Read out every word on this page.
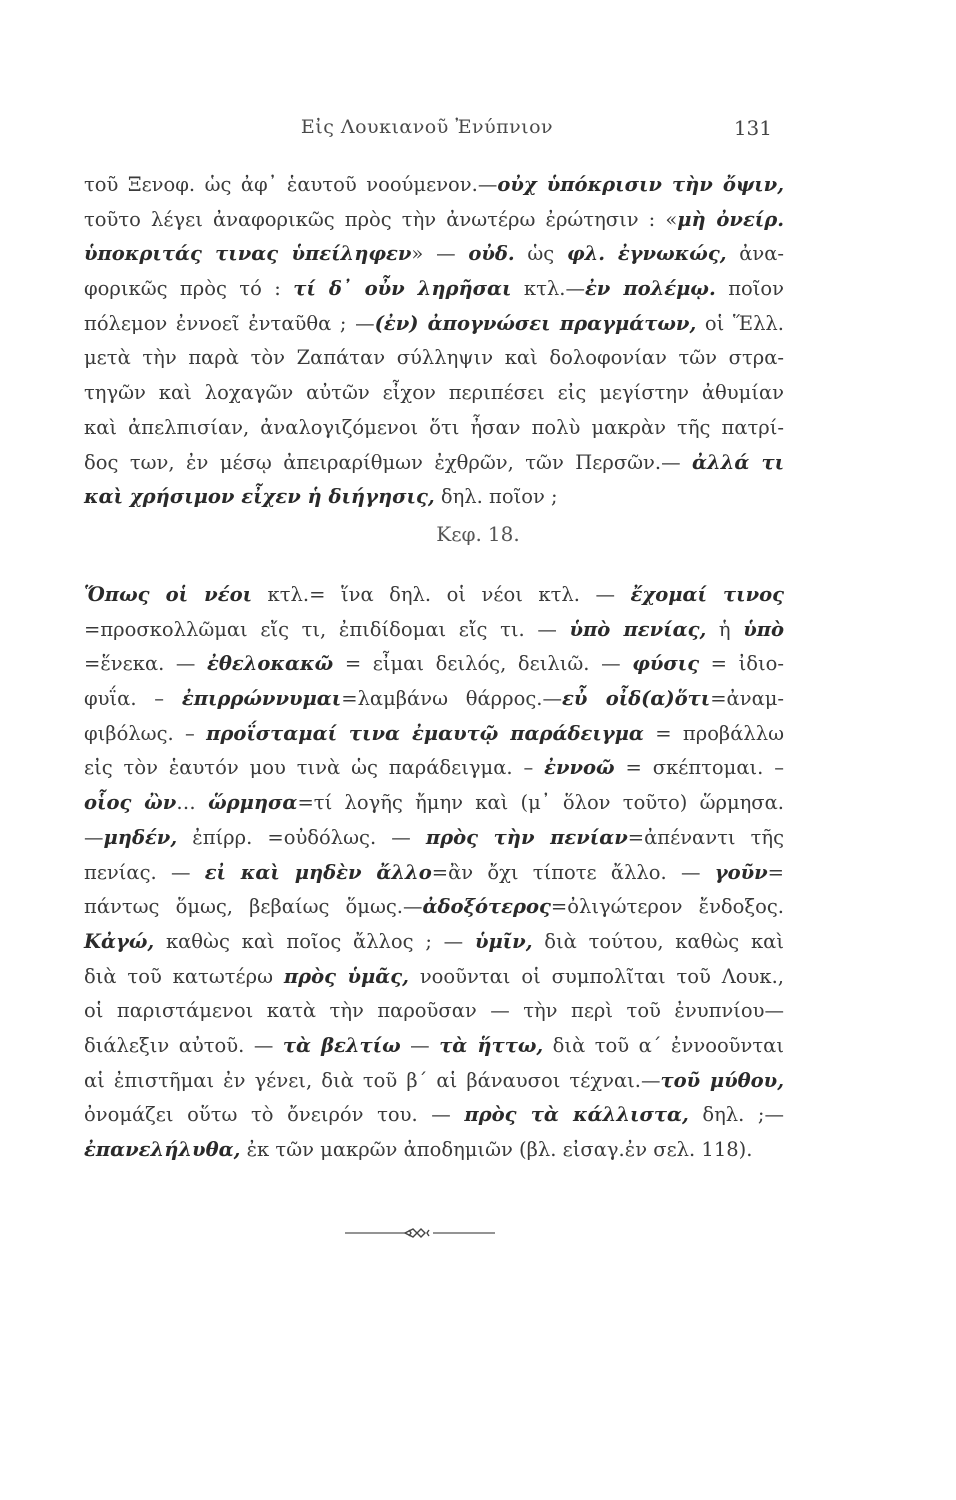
Εἰς Λουκιανοῦ Ἐνύπνιον	131
τοῦ Ξενοφ. ὡς ἀφ᾽ ἑαυτοῦ νοούμενον.—οὐχ ὑπόκρισιν τὴν ὄψιν,
τοῦτο λέγει ἀναφορικῶς πρὸς τὴν ἀνωτέρω ἐρώτησιν : «μὴ ὀνείρ.
ὑποκριτάς τινας ὑπείληφεν» — οὐδ. ὡς φλ. ἐγνωκώς, ἀνα-
φορικῶς πρὸς τό : τί δ᾽ οὖν ληρῆσαι κτλ.—ἐν πολέμῳ. ποῖον
πόλεμον ἐννοεῖ ἐνταῦθα ; —(ἐν) ἀπογνώσει πραγμάτων, οἱ Ἕλλ.
μετὰ τὴν παρὰ τὸν Ζαπάταν σύλληψιν καὶ δολοφονίαν τῶν στρα-
τηγῶν καὶ λοχαγῶν αὐτῶν εἶχον περιπέσει εἰς μεγίστην ἀθυμίαν
καὶ ἀπελπισίαν, ἀναλογιζόμενοι ὅτι ἦσαν πολὺ μακρὰν τῆς πατρί-
δος των, ἐν μέσῳ ἀπειραρίθμων ἐχθρῶν, τῶν Περσῶν.— ἀλλά τι
καὶ χρήσιμον εἶχεν ἡ διήγησις, δηλ. ποῖον ;
Κεφ. 18.
Ὅπως οἱ νέοι κτλ.= ἵνα δηλ. οἱ νέοι κτλ. — ἔχομαί τινος
=προσκολλῶμαι εἴς τι, ἐπιδίδομαι εἴς τι. — ὑπὸ πενίας, ἡ ὑπὸ
=ἕνεκα. — ἐθελοκακῶ = εἶμαι δειλός, δειλιῶ. — φύσις = ἰδιο-
φυΐα. – ἐπιρρώννυμαι=λαμβάνω θάρρος.—εὖ οἶδ(α)ὅτι=ἀναμ-
φιβόλως. – προΐσταμαί τινα ἐμαυτῷ παράδειγμα = προβάλλω
εἰς τὸν ἑαυτόν μου τινὰ ὡς παράδειγμα. – ἐννοῶ = σκέπτομαι. –
οἷος ὢν… ὥρμησα=τί λογῆς ἤμην καὶ (μ᾽ ὅλον τοῦτο) ὥρμησα.
—μηδέν, ἐπίρρ. =οὐδόλως. — πρὸς τὴν πενίαν=ἀπέναντι τῆς
πενίας. — εἰ καὶ μηδὲν ἄλλο=ἂν ὄχι τίποτε ἄλλο. — γοῦν=
πάντως ὅμως, βεβαίως ὅμως.—ἀδοξότερος=ὀλιγώτερον ἔνδοξος.
Κἀγώ, καθὼς καὶ ποῖος ἄλλος ; — ὑμῖν, διὰ τούτου, καθὼς καὶ
διὰ τοῦ κατωτέρω πρὸς ὑμᾶς, νοοῦνται οἱ συμπολῖται τοῦ Λουκ.,
οἱ παριστάμενοι κατὰ τὴν παροῦσαν — τὴν περὶ τοῦ ἐνυπνίου—
διάλεξιν αὐτοῦ. — τὰ βελτίω — τὰ ἥττω, διὰ τοῦ α´ ἐννοοῦνται
αἱ ἐπιστῆμαι ἐν γένει, διὰ τοῦ β´ αἱ βάναυσοι τέχναι.—τοῦ μύθου,
ὀνομάζει οὕτω τὸ ὄνειρόν του. — πρὸς τὰ κάλλιστα, δηλ. ;—
ἐπανελήλυθα, ἐκ τῶν μακρῶν ἀποδημιῶν (βλ. εἰσαγ.ἐν σελ. 118).
